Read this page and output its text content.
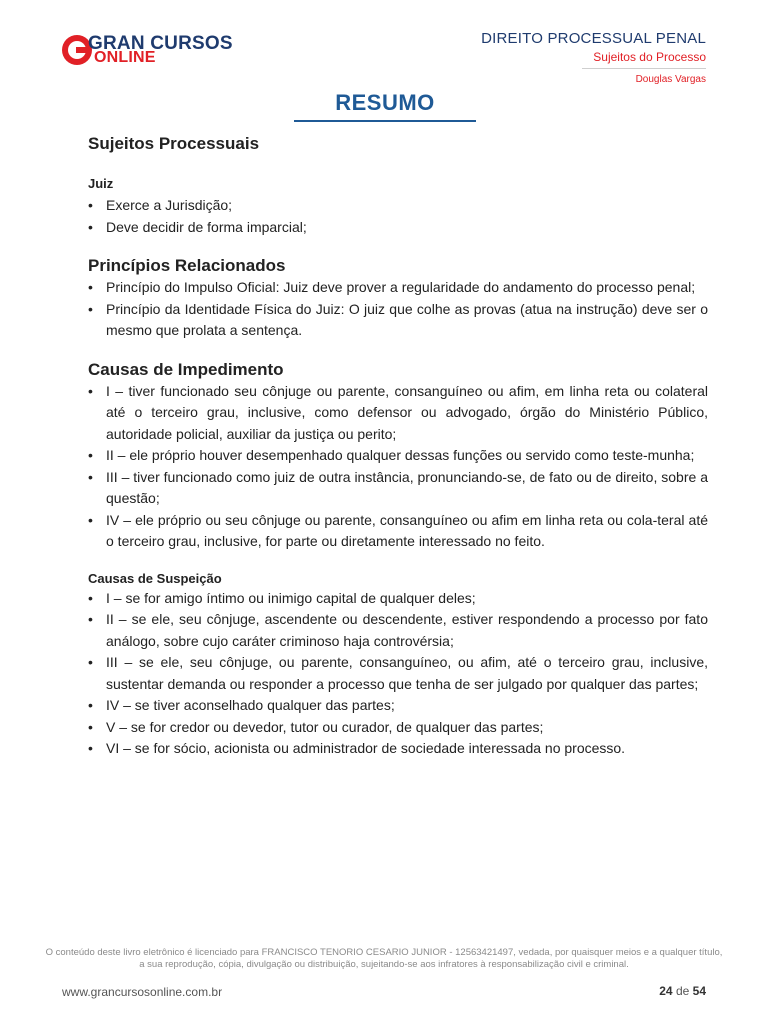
GRAN CURSOS
ONLINE
DIREITO PROCESSUAL PENAL
Sujeitos do Processo
Douglas Vargas
RESUMO
Sujeitos Processuais
Juiz
• Exerce a Jurisdição;
• Deve decidir de forma imparcial;
Princípios Relacionados
• Princípio do Impulso Oficial: Juiz deve prover a regularidade do andamento do processo penal;
• Princípio da Identidade Física do Juiz: O juiz que colhe as provas (atua na instrução) deve ser o mesmo que prolata a sentença.
Causas de Impedimento
• I – tiver funcionado seu cônjuge ou parente, consanguíneo ou afim, em linha reta ou colateral até o terceiro grau, inclusive, como defensor ou advogado, órgão do Ministério Público, autoridade policial, auxiliar da justiça ou perito;
• II – ele próprio houver desempenhado qualquer dessas funções ou servido como teste-munha;
• III – tiver funcionado como juiz de outra instância, pronunciando-se, de fato ou de direito, sobre a questão;
• IV – ele próprio ou seu cônjuge ou parente, consanguíneo ou afim em linha reta ou cola-teral até o terceiro grau, inclusive, for parte ou diretamente interessado no feito.
Causas de Suspeição
• I – se for amigo íntimo ou inimigo capital de qualquer deles;
• II – se ele, seu cônjuge, ascendente ou descendente, estiver respondendo a processo por fato análogo, sobre cujo caráter criminoso haja controvérsia;
• III – se ele, seu cônjuge, ou parente, consanguíneo, ou afim, até o terceiro grau, inclusive, sustentar demanda ou responder a processo que tenha de ser julgado por qualquer das partes;
• IV – se tiver aconselhado qualquer das partes;
• V – se for credor ou devedor, tutor ou curador, de qualquer das partes;
• VI – se for sócio, acionista ou administrador de sociedade interessada no processo.
O conteúdo deste livro eletrônico é licenciado para FRANCISCO TENORIO CESARIO JUNIOR - 12563421497, vedada, por quaisquer meios e a qualquer título,
a sua reprodução, cópia, divulgação ou distribuição, sujeitando-se aos infratores à responsabilização civil e criminal.
www.grancursosonline.com.br	24 de 54
